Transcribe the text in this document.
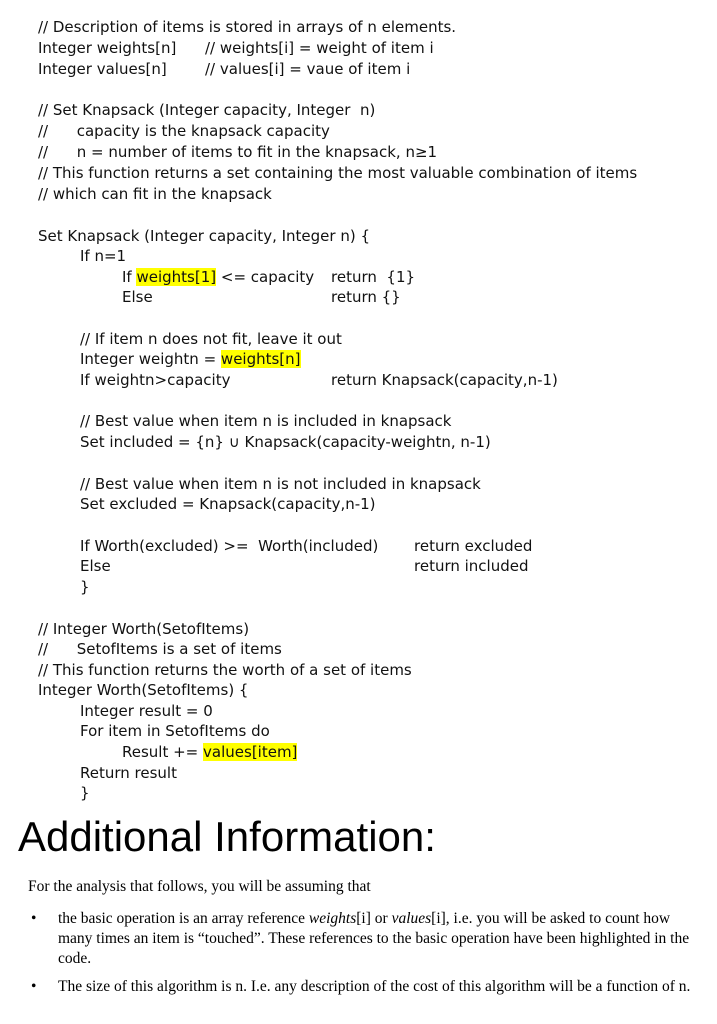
// Description of items is stored in arrays of n elements.
Integer weights[n] // weights[i] = weight of item i
Integer values[n]	// values[i] = vaue of item i
// Set Knapsack (Integer capacity, Integer  n)
//      capacity is the knapsack capacity
//      n = number of items to fit in the knapsack, n≥1
// This function returns a set containing the most valuable combination of items
// which can fit in the knapsack
Set Knapsack (Integer capacity, Integer n) {
If n=1
If weights[1] <= capacity return  {1}
Else	return {}
// If item n does not fit, leave it out
Integer weightn = weights[n]
If weightn>capacity	return Knapsack(capacity,n-1)
// Best value when item n is included in knapsack
Set included = {n} ∪ Knapsack(capacity-weightn, n-1)
// Best value when item n is not included in knapsack
Set excluded = Knapsack(capacity,n-1)
If Worth(excluded) >=  Worth(included) return excluded
Else	return included
}
// Integer Worth(SetofItems)
//      SetofItems is a set of items
// This function returns the worth of a set of items
Integer Worth(SetofItems) {
Integer result = 0
For item in SetofItems do
Result += values[item]
Return result
}
Additional Information:

For the analysis that follows, you will be assuming that

• the basic operation is an array reference weights[i] or values[i], i.e. you will be asked to count how many times an item is “touched”. These references to the basic operation have been highlighted in the code.
• The size of this algorithm is n. I.e. any description of the cost of this algorithm will be a function of n.
